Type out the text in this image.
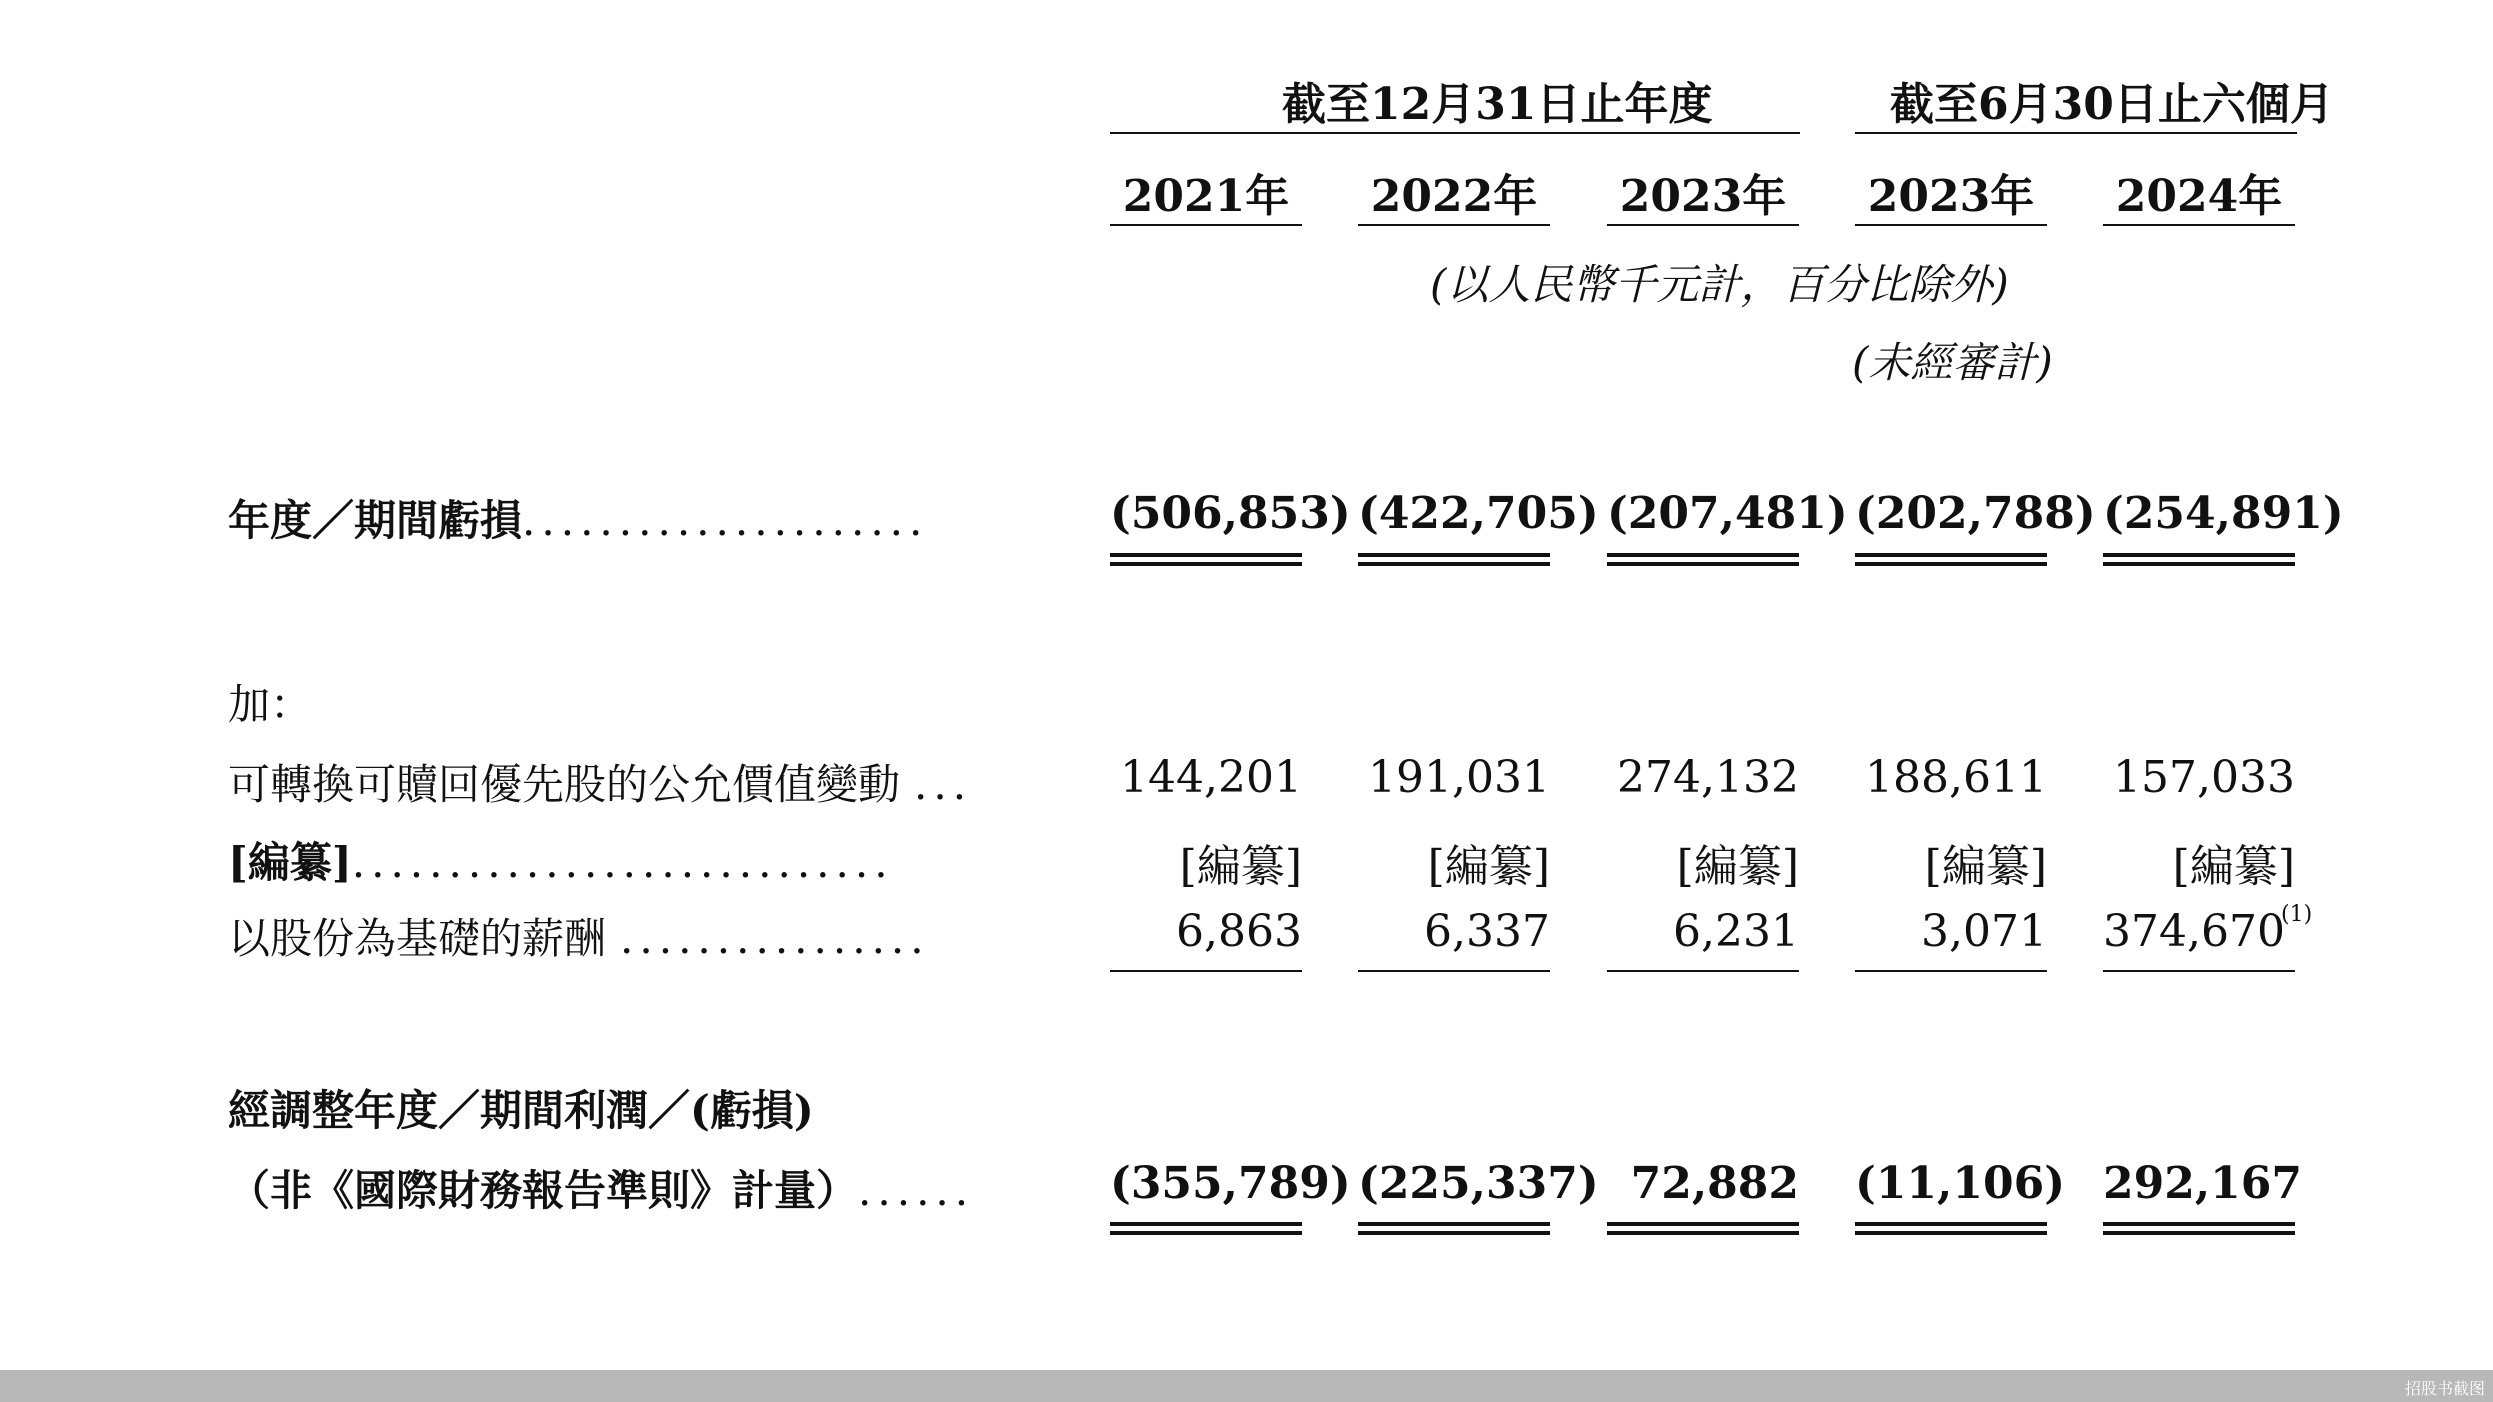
截至12月31日止年度	截至6月30日止六個月
2021年 2022年 2023年 2023年 2024年
(以人民幣千元計，百分比除外)
(未經審計)
年度／期間虧損.....................	(506,853) (422,705) (207,481) (202,788) (254,891)
加：
可轉換可贖回優先股的公允價值變動 ...	144,201 191,031 274,132 188,611 157,033
[編纂]............................	[編纂]	[編纂]	[編纂]	[編纂]	[編纂]
以股份為基礎的薪酬 ................	6,863	6,337	6,231	3,071 374,670$^{(1)}$
經調整年度／期間利潤／(虧損)
（非《國際財務報告準則》計量）......	(355,789) (225,337) 72,882 (11,106) 292,167
招股书截图
